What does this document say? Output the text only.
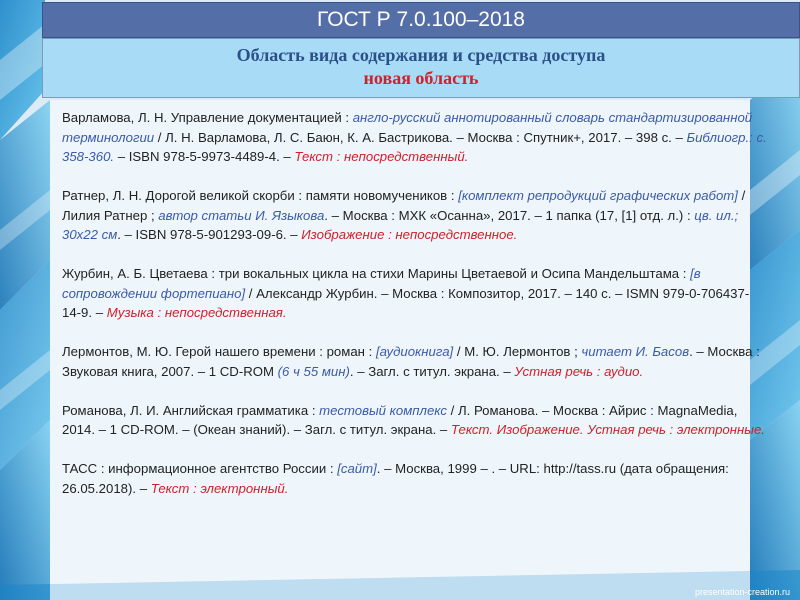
ГОСТ Р 7.0.100–2018
Область вида содержания и средства доступа
новая область
Варламова, Л. Н. Управление документацией : англо-русский аннотированный словарь стандартизированной терминологии / Л. Н. Варламова, Л. С. Баюн, К. А. Бастрикова. – Москва : Спутник+, 2017. – 398 с. – Библиогр.: с. 358-360. – ISBN 978-5-9973-4489-4. – Текст : непосредственный.
Ратнер, Л. Н. Дорогой великой скорби : памяти новомучеников : [комплект репродукций графических работ] / Лилия Ратнер ; автор статьи И. Языкова. – Москва : МХК «Осанна», 2017. – 1 папка (17, [1] отд. л.) : цв. ил.; 30x22 см. – ISBN 978-5-901293-09-6. – Изображение : непосредственное.
Журбин, А. Б. Цветаева : три вокальных цикла на стихи Марины Цветаевой и Осипа Мандельштама : [в сопровождении фортепиано] / Александр Журбин. – Москва : Композитор, 2017. – 140 с. – ISMN 979-0-706437-14-9. – Музыка : непосредственная.
Лермонтов, М. Ю. Герой нашего времени : роман : [аудиокнига] / М. Ю. Лермонтов ; читает И. Басов. – Москва : Звуковая книга, 2007. – 1 CD-ROM (6 ч 55 мин). – Загл. с титул. экрана. – Устная речь : аудио.
Романова, Л. И. Английская грамматика : тестовый комплекс / Л. Романова. – Москва : Айрис : MagnaMedia, 2014. – 1 CD-ROM. – (Океан знаний). – Загл. с титул. экрана. – Текст. Изображение. Устная речь : электронные.
ТАСС : информационное агентство России : [сайт]. – Москва, 1999 – . – URL: http://tass.ru (дата обращения: 26.05.2018). – Текст : электронный.
presentation-creation.ru
